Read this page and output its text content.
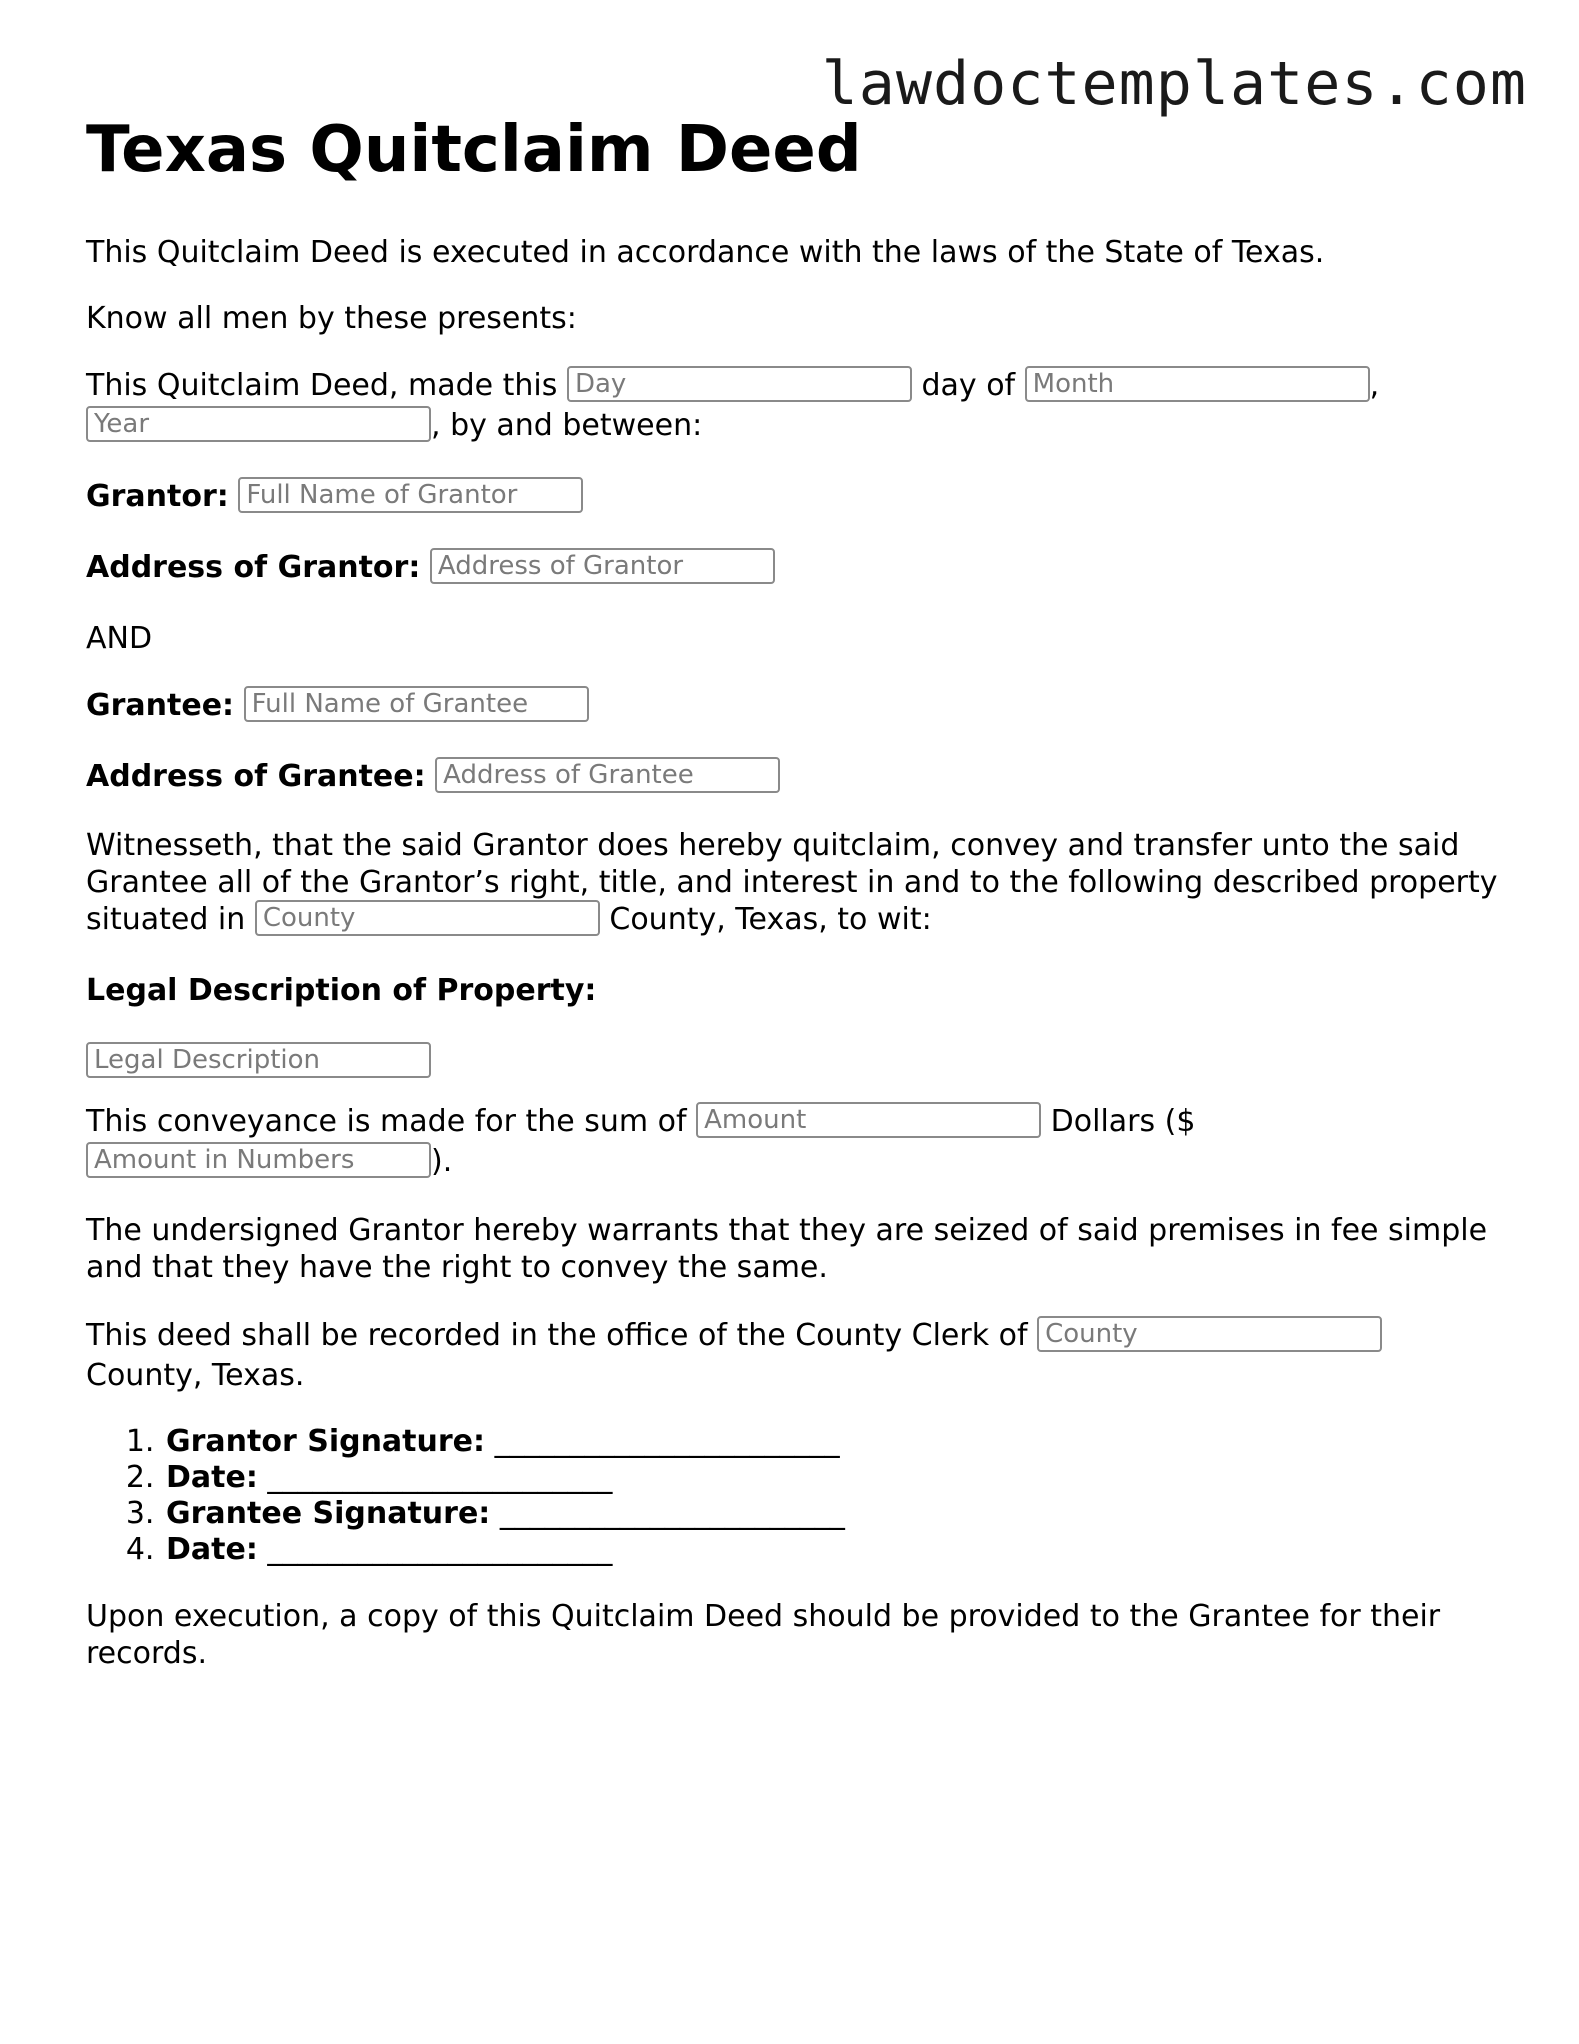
lawdoctemplates.com
Texas Quitclaim Deed

This Quitclaim Deed is executed in accordance with the laws of the State of Texas.

Know all men by these presents:

This Quitclaim Deed, made this Day	day of Month	,
Year, by and between:

Grantor: Full Name of Grantor

Address of Grantor: Address of Grantor

AND

Grantee: Full Name of Grantee

Address of Grantee: Address of Grantee

Witnesseth, that the said Grantor does hereby quitclaim, convey and transfer unto the said Grantee all of the Grantor’s right, title, and interest in and to the following described property situated in County	County, Texas, to wit:

Legal Description of Property:

Legal Description

This conveyance is made for the sum of Amount	Dollars ($
Amount in Numbers).

The undersigned Grantor hereby warrants that they are seized of said premises in fee simple and that they have the right to convey the same.

This deed shall be recorded in the office of the County Clerk of County
County, Texas.

1. Grantor Signature: _______________________
2. Date: _______________________
3. Grantee Signature: _______________________
4. Date: _______________________

Upon execution, a copy of this Quitclaim Deed should be provided to the Grantee for their records.
